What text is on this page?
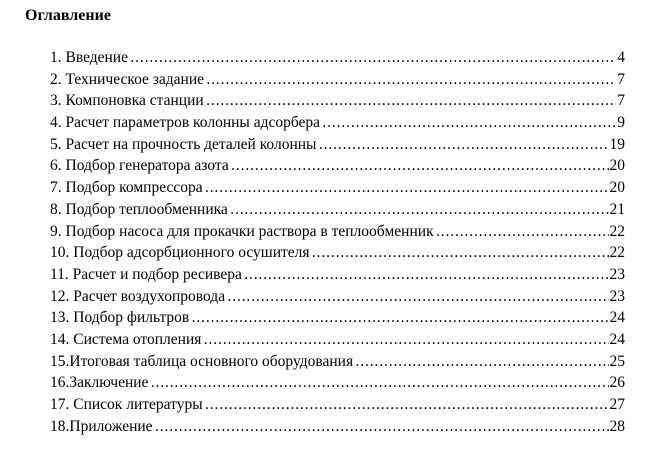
Оглавление
1. Введение . . .	4
2. Техническое задание . . .	7
3. Компоновка станции . . .	7
4. Расчет параметров колонны адсорбера . . .	9
5. Расчет на прочность деталей колонны . . .	19
6. Подбор генератора азота . . .	20
7. Подбор компрессора . . .	20
8. Подбор теплообменника . . .	21
9. Подбор насоса для прокачки раствора в теплообменник . . .	22
10. Подбор адсорбционного осушителя . . .	22
11. Расчет и подбор ресивера . . .	23
12. Расчет воздухопровода . . .	23
13. Подбор фильтров . . .	24
14. Система отопления . . .	24
15.Итоговая таблица основного оборудования . . .	25
16.Заключение . . .	26
17. Список литературы . . .	27
18.Приложение . . .	28
